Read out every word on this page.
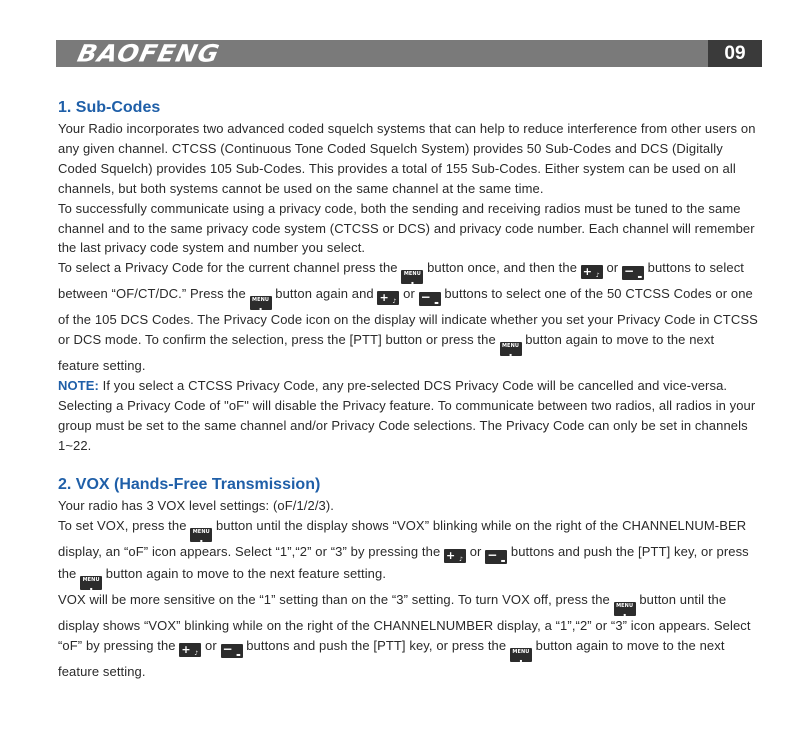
BAOFENG	09
1. Sub-Codes

Your Radio incorporates two advanced coded squelch systems that can help to reduce interference from other users on any given channel. CTCSS (Continuous Tone Coded Squelch System) provides 50 Sub-Codes and DCS (Digitally Coded Squelch) provides 105 Sub-Codes. This provides a total of 155 Sub-Codes. Either system can be used on all channels, but both systems cannot be used on the same channel at the same time.

To successfully communicate using a privacy code, both the sending and receiving radios must be tuned to the same channel and to the same privacy code system (CTCSS or DCS) and privacy code number. Each channel will remember the last privacy code system and number you select.

To select a Privacy Code for the current channel press the MENU ▪ button once, and then the + ♪ or − ▪▪ buttons to select between “OF/CT/DC.” Press the MENU ▪ button again and + ♪ or − ▪▪ buttons to select one of the 50 CTCSS Codes or one of the 105 DCS Codes. The Privacy Code icon on the display will indicate whether you set your Privacy Code in CTCSS or DCS mode. To confirm the selection, press the [PTT] button or press the MENU ▪ button again to move to the next feature setting.

NOTE: If you select a CTCSS Privacy Code, any pre-selected DCS Privacy Code will be cancelled and vice-versa. Selecting a Privacy Code of "oF" will disable the Privacy feature. To communicate between two radios, all radios in your group must be set to the same channel and/or Privacy Code selections. The Privacy Code can only be set in channels 1~22.

2. VOX (Hands-Free Transmission)

Your radio has 3 VOX level settings: (oF/1/2/3).

To set VOX, press the MENU ▪ button until the display shows “VOX” blinking while on the right of the CHANNELNUM-BER display, an “oF” icon appears. Select “1”,“2” or “3” by pressing the + ♪ or − ▪▪ buttons and push the [PTT] key, or press the MENU ▪ button again to move to the next feature setting.

VOX will be more sensitive on the “1” setting than on the “3” setting. To turn VOX off, press the MENU ▪ button until the display shows “VOX” blinking while on the right of the CHANNELNUMBER display, a “1”,“2” or “3” icon appears. Select “oF” by pressing the + ♪ or − ▪▪ buttons and push the [PTT] key, or press the MENU ▪ button again to move to the next feature setting.
